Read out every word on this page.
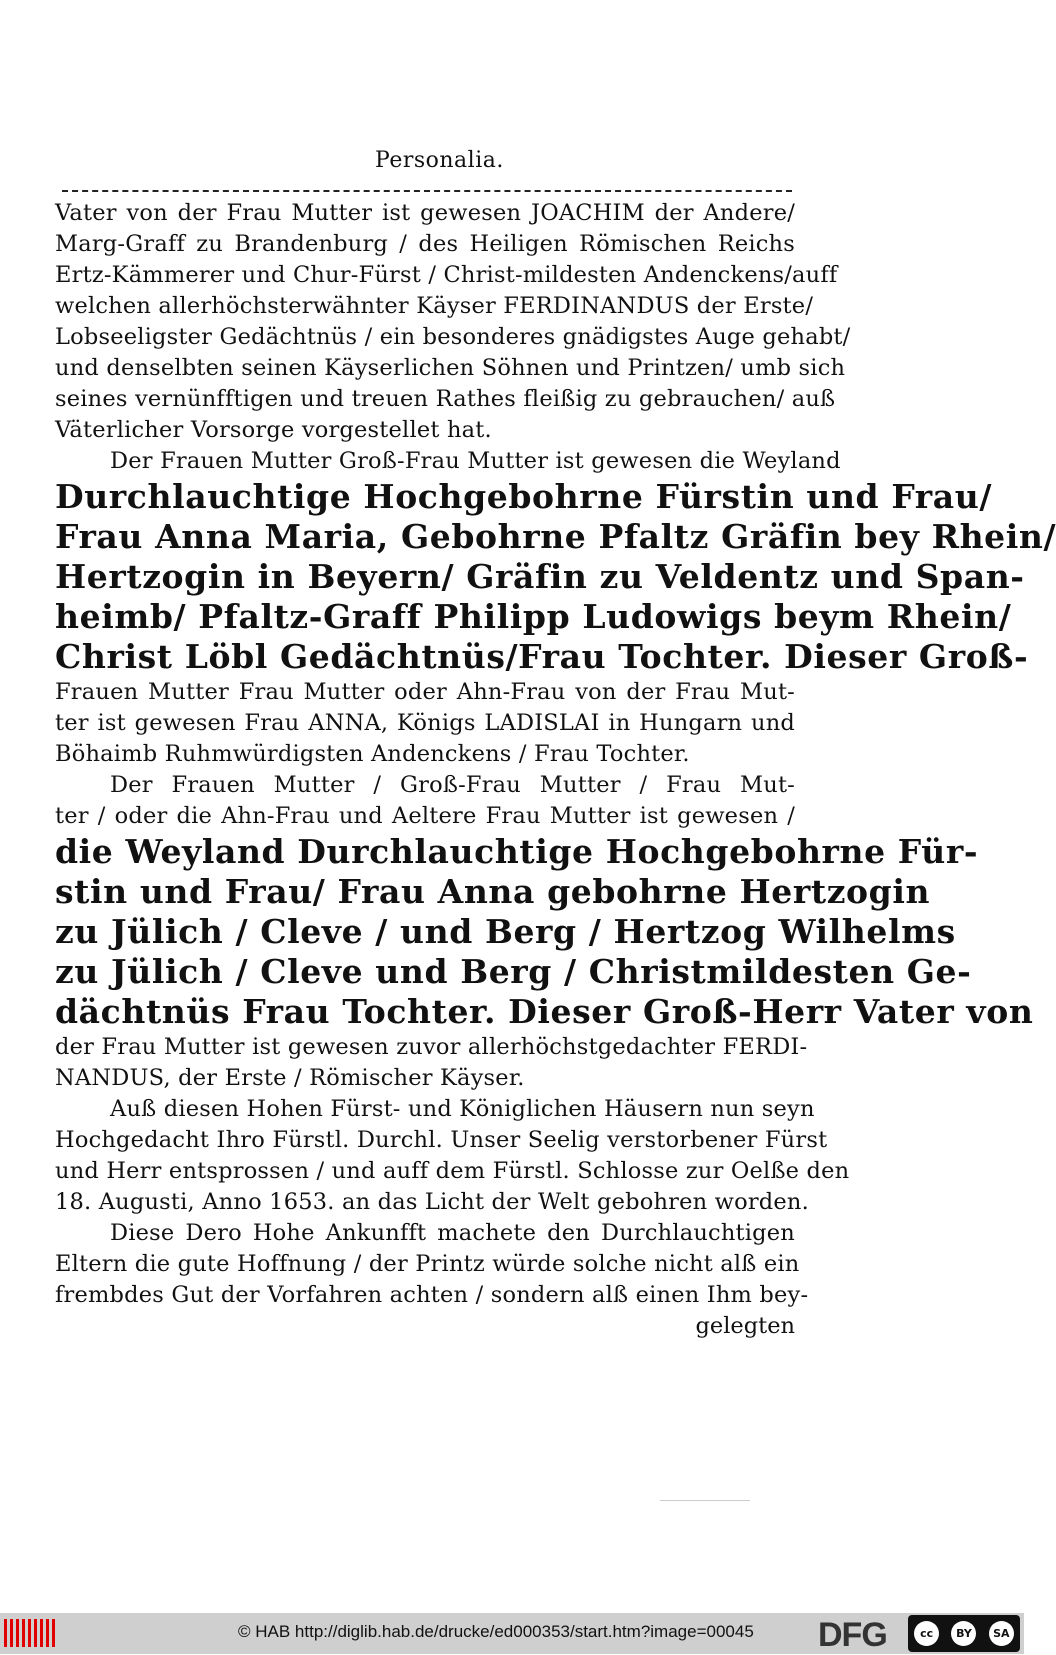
Personalia.
Vater von der Frau Mutter ist gewesen JOACHIM der Andere/
Marg-Graff zu Brandenburg / des Heiligen Römischen Reichs
Ertz-Kämmerer und Chur-Fürst / Christ-mildesten Andenckens/auff
welchen allerhöchsterwähnter Käyser FERDINANDUS der Erste/
Lobseeligster Gedächtnüs / ein besonderes gnädigstes Auge gehabt/
und denselbten seinen Käyserlichen Söhnen und Printzen/ umb sich
seines vernünfftigen und treuen Rathes fleißig zu gebrauchen/ auß
Väterlicher Vorsorge vorgestellet hat.
Der Frauen Mutter Groß-Frau Mutter ist gewesen die Weyland
Durchlauchtige Hochgebohrne Fürstin und Frau/
Frau Anna Maria, Gebohrne Pfaltz Gräfin bey Rhein/
Hertzogin in Beyern/ Gräfin zu Veldentz und Span-
heimb/ Pfaltz-Graff Philipp Ludowigs beym Rhein/
Christ Löbl Gedächtnüs/Frau Tochter. Dieser Groß-
Frauen Mutter Frau Mutter oder Ahn-Frau von der Frau Mut-
ter ist gewesen Frau ANNA, Königs LADISLAI in Hungarn und
Böhaimb Ruhmwürdigsten Andenckens / Frau Tochter.
Der Frauen Mutter / Groß-Frau Mutter / Frau Mut-
ter / oder die Ahn-Frau und Aeltere Frau Mutter ist gewesen /
die Weyland Durchlauchtige Hochgebohrne Für-
stin und Frau/ Frau Anna gebohrne Hertzogin
zu Jülich / Cleve / und Berg / Hertzog Wilhelms
zu Jülich / Cleve und Berg / Christmildesten Ge-
dächtnüs Frau Tochter. Dieser Groß-Herr Vater von
der Frau Mutter ist gewesen zuvor allerhöchstgedachter FERDI-
NANDUS, der Erste / Römischer Käyser.
Auß diesen Hohen Fürst- und Königlichen Häusern nun seyn
Hochgedacht Ihro Fürstl. Durchl. Unser Seelig verstorbener Fürst
und Herr entsprossen / und auff dem Fürstl. Schlosse zur Oelße den
18. Augusti, Anno 1653. an das Licht der Welt gebohren worden.
Diese Dero Hohe Ankunfft machete den Durchlauchtigen
Eltern die gute Hoffnung / der Printz würde solche nicht alß ein
frembdes Gut der Vorfahren achten / sondern alß einen Ihm bey-
gelegten
© HAB http://diglib.hab.de/drucke/ed000353/start.htm?image=00045 DFG	cc	BY	SA
